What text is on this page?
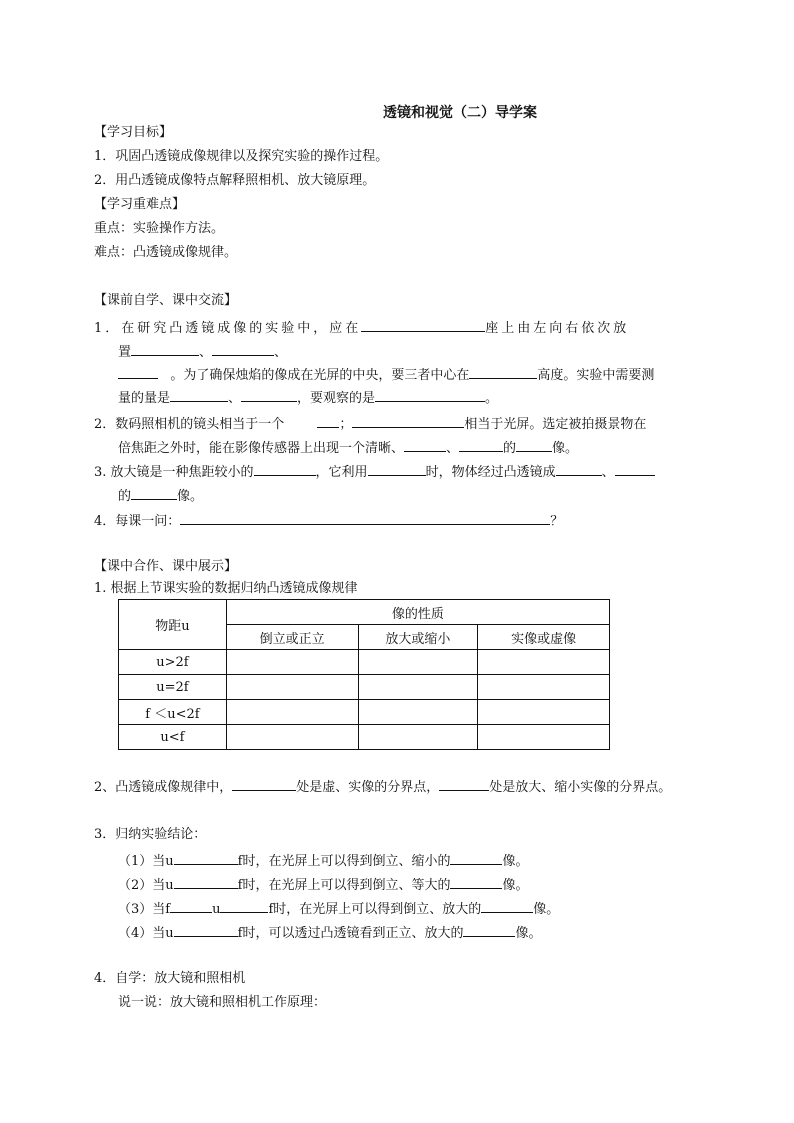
透镜和视觉（二）导学案
【学习目标】
1．巩固凸透镜成像规律以及探究实验的操作过程。
2．用凸透镜成像特点解释照相机、放大镜原理。
【学习重难点】
重点：实验操作方法。
难点：凸透镜成像规律。
【课前自学、课中交流】
1．在研究凸透镜成像的实验中，应在	座上由左向右依次放
置	、	、
。为了确保烛焰的像成在光屏的中央，要三者中心在	高度。实验中需要测
量的量是	、	，要观察的是	。
2．数码照相机的镜头相当于一个	；	相当于光屏。选定被拍摄景物在
倍焦距之外时，能在影像传感器上出现一个清晰、	、	的	像。
3. 放大镜是一种焦距较小的	，它利用	时，物体经过凸透镜成	、
的	像。
4．每课一问：	？
【课中合作、课中展示】
1. 根据上节课实验的数据归纳凸透镜成像规律
物距u	像的性质		
	倒立或正立	放大或缩小	实像或虚像
u>2f			
u=2f			
f ＜u<2f			
u<f			
2、凸透镜成像规律中，	处是虚、实像的分界点，	处是放大、缩小实像的分界点。
3．归纳实验结论：
（1）当u	f时，在光屏上可以得到倒立、缩小的	像。
（2）当u	f时，在光屏上可以得到倒立、等大的	像。
（3）当f	u	f时，在光屏上可以得到倒立、放大的	像。
（4）当u	f时，可以透过凸透镜看到正立、放大的	像。
4．自学：放大镜和照相机
说一说：放大镜和照相机工作原理：
